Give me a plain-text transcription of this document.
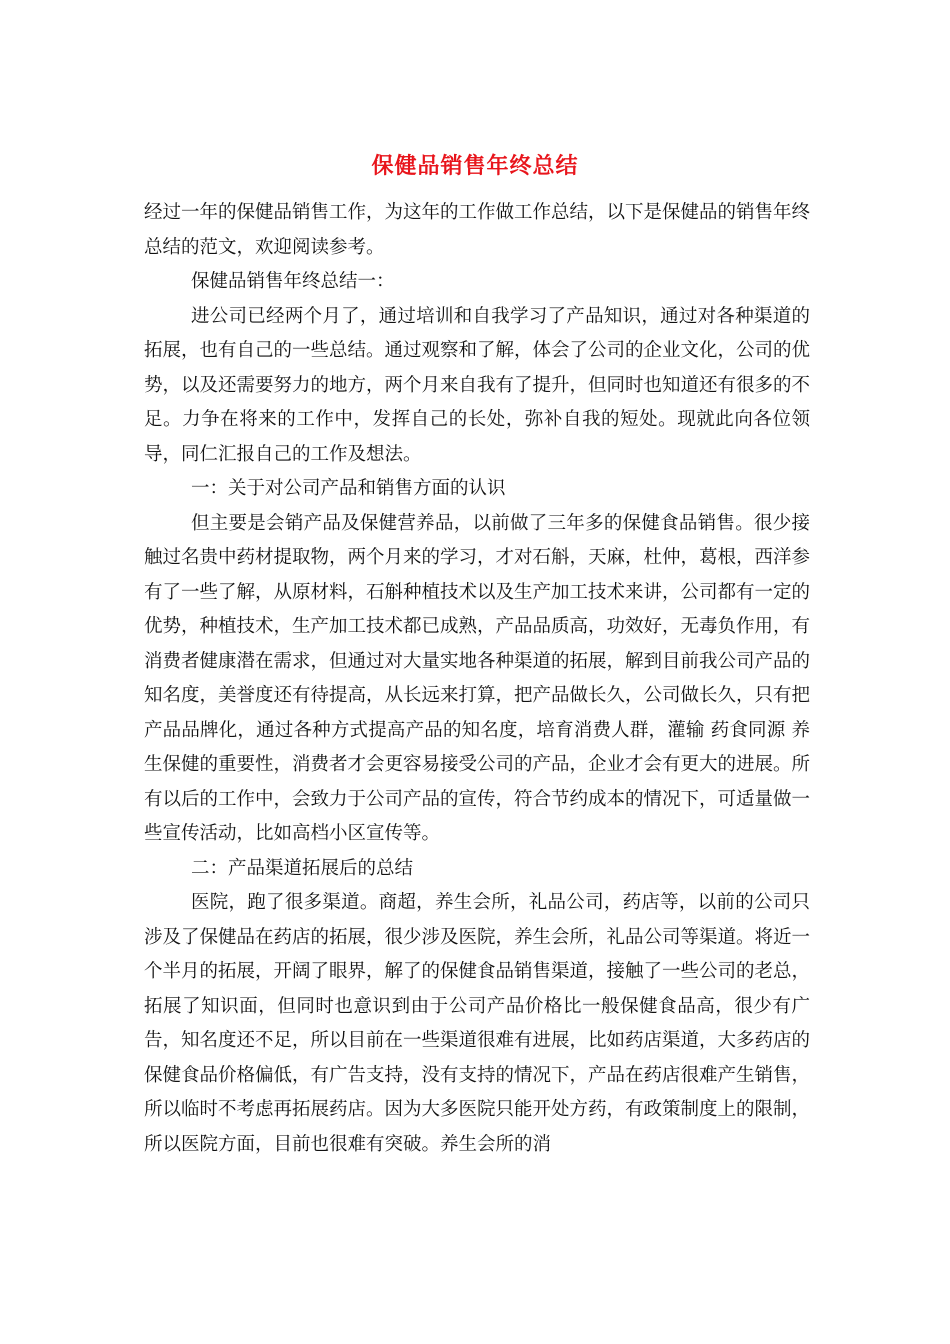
保健品销售年终总结

经过一年的保健品销售工作，为这年的工作做工作总结，以下是保健品的销售年终总结的范文，欢迎阅读参考。

保健品销售年终总结一：

进公司已经两个月了，通过培训和自我学习了产品知识，通过对各种渠道的拓展，也有自己的一些总结。通过观察和了解，体会了公司的企业文化，公司的优势，以及还需要努力的地方，两个月来自我有了提升，但同时也知道还有很多的不足。力争在将来的工作中，发挥自己的长处，弥补自我的短处。现就此向各位领导，同仁汇报自己的工作及想法。

一：关于对公司产品和销售方面的认识

但主要是会销产品及保健营养品，以前做了三年多的保健食品销售。很少接触过名贵中药材提取物，两个月来的学习，才对石斛，天麻，杜仲，葛根，西洋参有了一些了解，从原材料，石斛种植技术以及生产加工技术来讲，公司都有一定的优势，种植技术，生产加工技术都已成熟，产品品质高，功效好，无毒负作用，有消费者健康潜在需求，但通过对大量实地各种渠道的拓展，解到目前我公司产品的知名度，美誉度还有待提高，从长远来打算，把产品做长久，公司做长久，只有把产品品牌化，通过各种方式提高产品的知名度，培育消费人群，灌输 药食同源 养生保健的重要性，消费者才会更容易接受公司的产品，企业才会有更大的进展。所有以后的工作中，会致力于公司产品的宣传，符合节约成本的情况下，可适量做一些宣传活动，比如高档小区宣传等。

二：产品渠道拓展后的总结

医院，跑了很多渠道。商超，养生会所，礼品公司，药店等，以前的公司只涉及了保健品在药店的拓展，很少涉及医院，养生会所，礼品公司等渠道。将近一个半月的拓展，开阔了眼界，解了的保健食品销售渠道，接触了一些公司的老总，拓展了知识面，但同时也意识到由于公司产品价格比一般保健食品高，很少有广告，知名度还不足，所以目前在一些渠道很难有进展，比如药店渠道，大多药店的保健食品价格偏低，有广告支持，没有支持的情况下，产品在药店很难产生销售，所以临时不考虑再拓展药店。因为大多医院只能开处方药，有政策制度上的限制，所以医院方面，目前也很难有突破。养生会所的消
